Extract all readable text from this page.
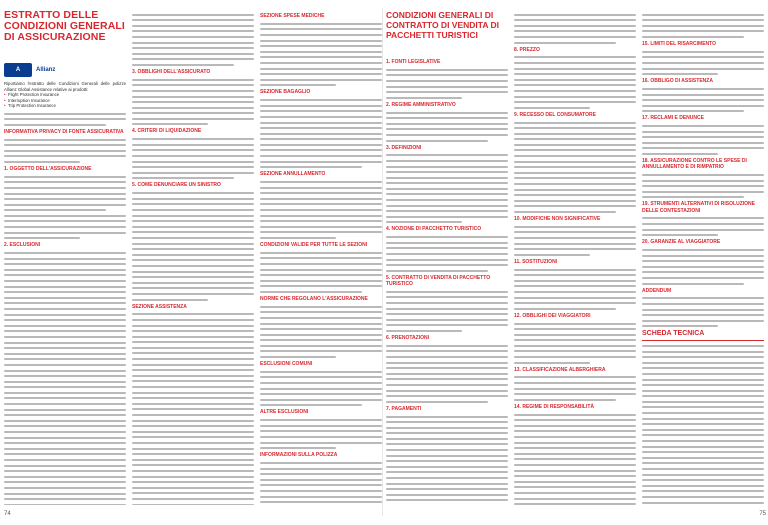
ESTRATTO DELLE CONDIZIONI GENERALI DI ASSICURAZIONE
A	Allianz
Riportiamo l'estratto delle Condizioni Generali delle polizze Allianz Global Assistance relative ai prodotti:
• Flight Protection Insurance
• Interruption Insurance
• Trip Protection Insurance
INFORMATIVA PRIVACY DI FONTE ASSICURATIVA
1. OGGETTO DELL'ASSICURAZIONE
2. ESCLUSIONI
3. OBBLIGHI DELL'ASSICURATO
4. CRITERI DI LIQUIDAZIONE
5. COME DENUNCIARE UN SINISTRO
SEZIONE ASSISTENZA
SEZIONE SPESE MEDICHE
SEZIONE BAGAGLIO
SEZIONE ANNULLAMENTO
CONDIZIONI VALIDE PER TUTTE LE SEZIONI
NORME CHE REGOLANO L'ASSICURAZIONE
ESCLUSIONI COMUNI
ALTRE ESCLUSIONI
INFORMAZIONI SULLA POLIZZA
74
CONDIZIONI GENERALI DI CONTRATTO DI VENDITA DI PACCHETTI TURISTICI
1. FONTI LEGISLATIVE
2. REGIME AMMINISTRATIVO
3. DEFINIZIONI
4. NOZIONE DI PACCHETTO TURISTICO
5. CONTRATTO DI VENDITA DI PACCHETTO TURISTICO
6. PRENOTAZIONI
7. PAGAMENTI
8. PREZZO
9. RECESSO DEL CONSUMATORE
10. MODIFICHE NON SIGNIFICATIVE
11. SOSTITUZIONI
12. OBBLIGHI DEI VIAGGIATORI
13. CLASSIFICAZIONE ALBERGHIERA
14. REGIME DI RESPONSABILITÀ
15. LIMITI DEL RISARCIMENTO
16. OBBLIGO DI ASSISTENZA
17. RECLAMI E DENUNCE
18. ASSICURAZIONE CONTRO LE SPESE DI ANNULLAMENTO E DI RIMPATRIO
19. STRUMENTI ALTERNATIVI DI RISOLUZIONE DELLE CONTESTAZIONI
20. GARANZIE AL VIAGGIATORE
ADDENDUM
SCHEDA TECNICA
75
